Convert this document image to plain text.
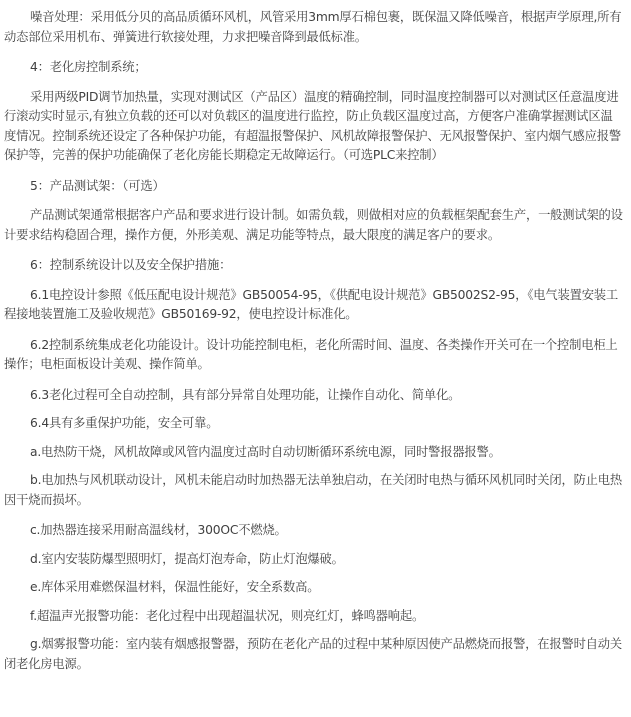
噪音处理：采用低分贝的高品质循环风机，风管采用3mm厚石棉包裹，既保温又降低噪音，根据声学原理,所有动态部位采用机布、弹簧进行软接处理，力求把噪音降到最低标准。

4：老化房控制系统；

采用两级PID调节加热量，实现对测试区（产品区）温度的精确控制，同时温度控制器可以对测试区任意温度进行滚动实时显示,有独立负载的还可以对负载区的温度进行监控，防止负载区温度过高，方便客户准确掌握测试区温度情况。控制系统还设定了各种保护功能，有超温报警保护、风机故障报警保护、无风报警保护、室内烟气感应报警保护等，完善的保护功能确保了老化房能长期稳定无故障运行。（可选PLC来控制）

5：产品测试架：（可选）

产品测试架通常根据客户产品和要求进行设计制。如需负载，则做相对应的负载框架配套生产，一般测试架的设计要求结构稳固合理，操作方便，外形美观、满足功能等特点，最大限度的满足客户的要求。

6：控制系统设计以及安全保护措施：

6.1电控设计参照《低压配电设计规范》GB50054-95，《供配电设计规范》GB5002S2-95，《电气装置安装工程接地装置施工及验收规范》GB50169-92，使电控设计标准化。

6.2控制系统集成老化功能设计。设计功能控制电柜，老化所需时间、温度、各类操作开关可在一个控制电柜上操作；电柜面板设计美观、操作简单。

6.3老化过程可全自动控制，具有部分异常自处理功能，让操作自动化、简单化。

6.4具有多重保护功能，安全可靠。

a.电热防干烧，风机故障或风管内温度过高时自动切断循环系统电源，同时警报器报警。

b.电加热与风机联动设计，风机未能启动时加热器无法单独启动，在关闭时电热与循环风机同时关闭，防止电热因干烧而损坏。

c.加热器连接采用耐高温线材，300OC不燃烧。

d.室内安装防爆型照明灯，提高灯泡寿命，防止灯泡爆破。

e.库体采用难燃保温材料，保温性能好，安全系数高。

f.超温声光报警功能：老化过程中出现超温状况，则亮红灯，蜂鸣器响起。

g.烟雾报警功能：室内装有烟感报警器，预防在老化产品的过程中某种原因使产品燃烧而报警，在报警时自动关闭老化房电源。
